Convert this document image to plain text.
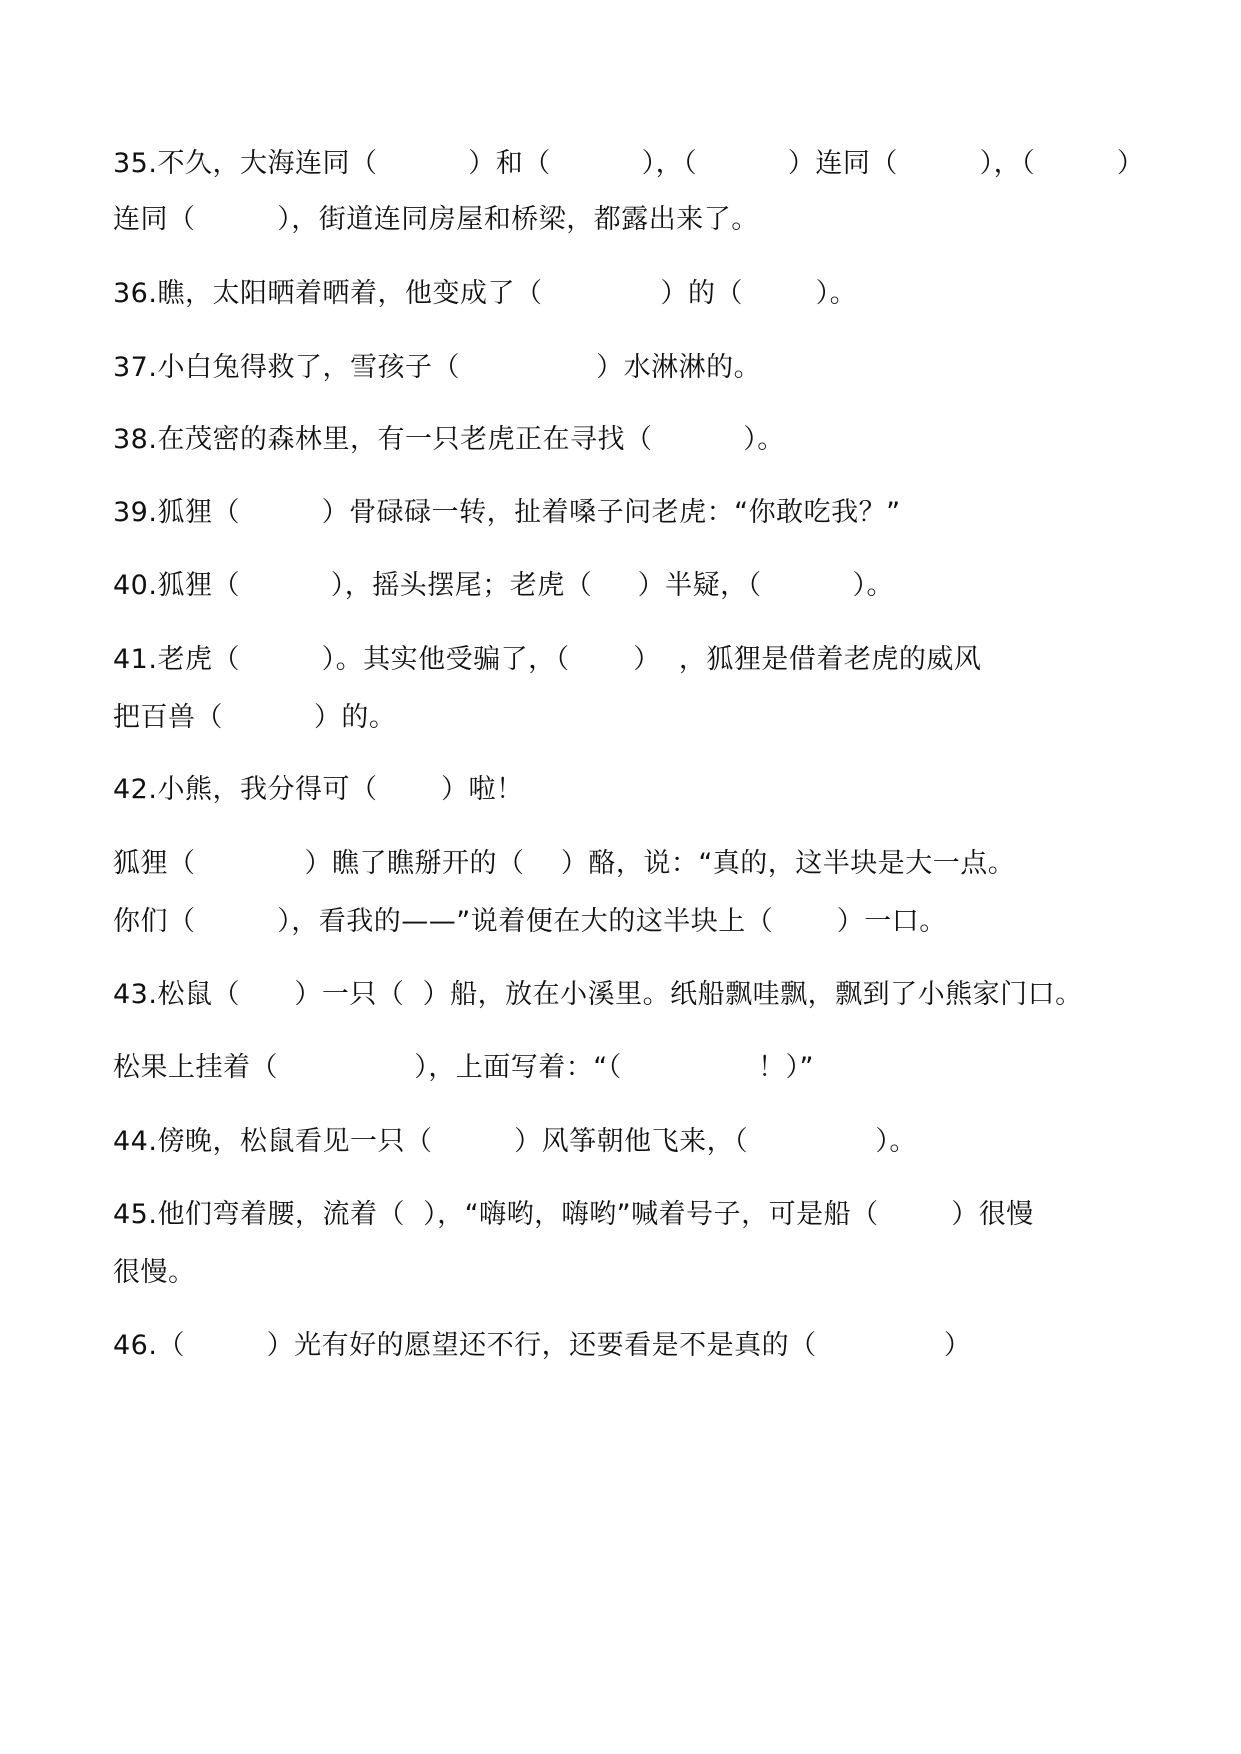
35.不久，大海连同（          ）和（          ），（          ）连同（         ），（         ）
连同（         ），街道连同房屋和桥梁，都露出来了。
36.瞧，太阳晒着晒着，他变成了（             ）的（        ）。
37.小白兔得救了，雪孩子（               ）水淋淋的。
38.在茂密的森林里，有一只老虎正在寻找（          ）。
39.狐狸（         ）骨碌碌一转，扯着嗓子问老虎：“你敢吃我？”
40.狐狸（          ），摇头摆尾；老虎（     ）半疑，（          ）。
41.老虎（         ）。其实他受骗了，（       ）  ，狐狸是借着老虎的威风
把百兽（          ）的。
42.小熊，我分得可（       ）啦！
狐狸（            ）瞧了瞧掰开的（    ）酪，说：“真的，这半块是大一点。
你们（         ），看我的——”说着便在大的这半块上（       ）一口。
43.松鼠（      ）一只（  ）船，放在小溪里。纸船飘哇飘，飘到了小熊家门口。
松果上挂着（               ），上面写着：“（               ！）”
44.傍晚，松鼠看见一只（         ）风筝朝他飞来，（              ）。
45.他们弯着腰，流着（  ），“嗨哟，嗨哟”喊着号子，可是船（        ）很慢
很慢。
46.（         ）光有好的愿望还不行，还要看是不是真的（              ）
